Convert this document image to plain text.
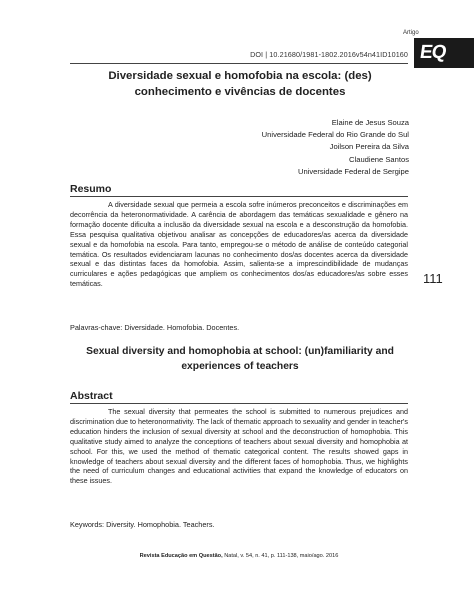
Artigo
DOI | 10.21680/1981-1802.2016v54n41ID10160 EQ
Diversidade sexual e homofobia na escola: (des) conhecimento e vivências de docentes
Elaine de Jesus Souza
Universidade Federal do Rio Grande do Sul
Joilson Pereira da Silva
Claudiene Santos
Universidade Federal de Sergipe
Resumo

A diversidade sexual que permeia a escola sofre inúmeros preconceitos e discriminações em decorrência da heteronormatividade. A carência de abordagem das temáticas sexualidade e gênero na formação docente dificulta a inclusão da diversidade sexual na escola e a desconstrução da homofobia. Essa pesquisa qualitativa objetivou analisar as concepções de educadores/as acerca da diversidade sexual e da homofobia na escola. Para tanto, empregou-se o método de análise de conteúdo categorial temática. Os resultados evidenciaram lacunas no conhecimento dos/as docentes acerca da diversidade sexual e das distintas faces da homofobia. Assim, salienta-se a imprescindibilidade de mudanças curriculares e ações pedagógicas que ampliem os conhecimentos dos/as educadores/as sobre esses temáticas.

Palavras-chave: Diversidade. Homofobia. Docentes.
111
Sexual diversity and homophobia at school: (un)familiarity and experiences of teachers
Abstract

The sexual diversity that permeates the school is submitted to numerous prejudices and discrimination due to heteronormativity. The lack of thematic approach to sexuality and gender in teacher's education hinders the inclusion of sexual diversity at school and the deconstruction of homophobia. This qualitative study aimed to analyze the conceptions of teachers about sexual diversity and homophobia at school. For this, we used the method of thematic categorical content. The results showed gaps in knowledge of teachers about sexual diversity and the different faces of homophobia. Thus, we highlights the need of curriculum changes and educational activities that expand the knowledge of educators on these issues.

Keywords: Diversity. Homophobia. Teachers.
Revista Educação em Questão, Natal, v. 54, n. 41, p. 111-138, maio/ago. 2016
